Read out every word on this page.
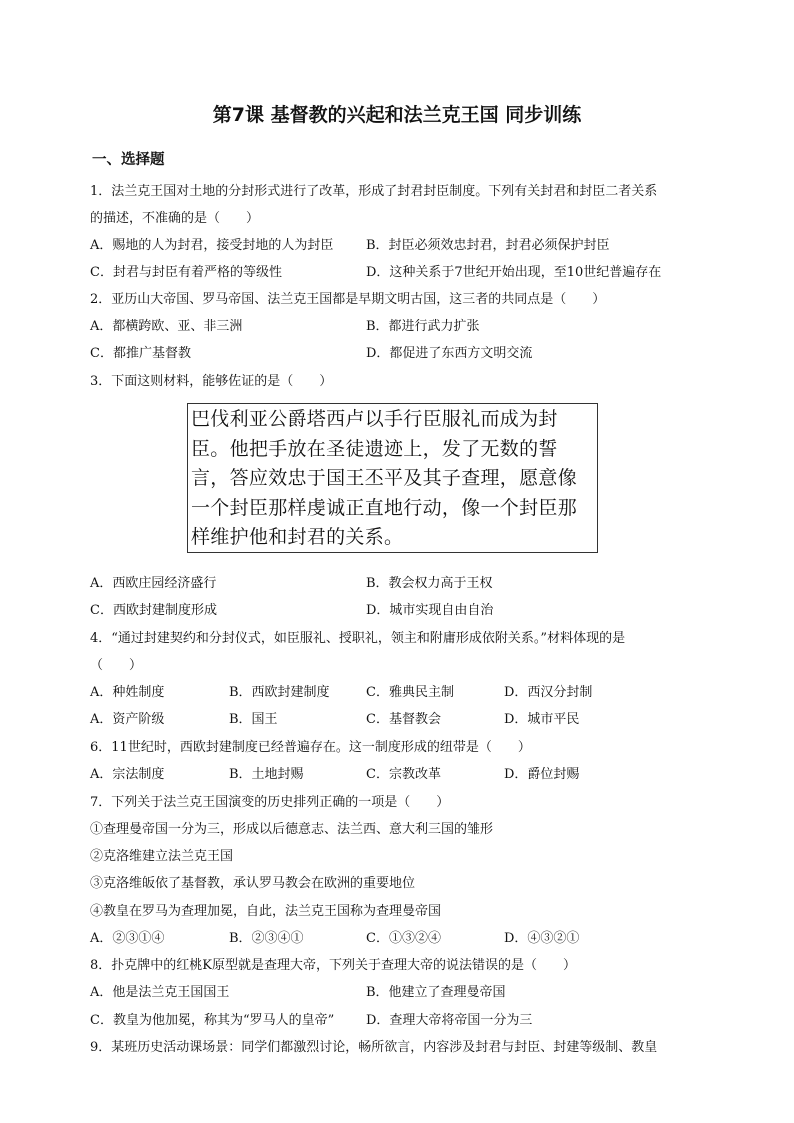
第7课 基督教的兴起和法兰克王国 同步训练
一、选择题
1．法兰克王国对土地的分封形式进行了改革，形成了封君封臣制度。下列有关封君和封臣二者关系
的描述，不准确的是（　　）
A．赐地的人为封君，接受封地的人为封臣	B．封臣必须效忠封君，封君必须保护封臣
C．封君与封臣有着严格的等级性	D．这种关系于7世纪开始出现，至10世纪普遍存在
2．亚历山大帝国、罗马帝国、法兰克王国都是早期文明古国，这三者的共同点是（　　）
A．都横跨欧、亚、非三洲	B．都进行武力扩张
C．都推广基督教	D．都促进了东西方文明交流
3．下面这则材料，能够佐证的是（　　）
巴伐利亚公爵塔西卢以手行臣服礼而成为封
臣。他把手放在圣徒遗迹上，发了无数的誓
言，答应效忠于国王丕平及其子查理，愿意像
一个封臣那样虔诚正直地行动，像一个封臣那
样维护他和封君的关系。
A．西欧庄园经济盛行	B．教会权力高于王权
C．西欧封建制度形成	D．城市实现自由自治
4．“通过封建契约和分封仪式，如臣服礼、授职礼，领主和附庸形成依附关系。”材料体现的是
（　　）
A．种姓制度	B．西欧封建制度	C．雅典民主制	D．西汉分封制
A．资产阶级	B．国王	C．基督教会	D．城市平民
6．11世纪时，西欧封建制度已经普遍存在。这一制度形成的纽带是（　　）
A．宗法制度	B．土地封赐	C．宗教改革	D．爵位封赐
7．下列关于法兰克王国演变的历史排列正确的一项是（　　）
①查理曼帝国一分为三，形成以后德意志、法兰西、意大利三国的雏形
②克洛维建立法兰克王国
③克洛维皈依了基督教，承认罗马教会在欧洲的重要地位
④教皇在罗马为查理加冕，自此，法兰克王国称为查理曼帝国
A．②③①④	B．②③④①	C．①③②④	D．④③②①
8．扑克牌中的红桃K原型就是查理大帝，下列关于查理大帝的说法错误的是（　　）
A．他是法兰克王国国王	B．他建立了查理曼帝国
C．教皇为他加冕，称其为“罗马人的皇帝” D．查理大帝将帝国一分为三
9．某班历史活动课场景：同学们都激烈讨论，畅所欲言，内容涉及封君与封臣、封建等级制、教皇
